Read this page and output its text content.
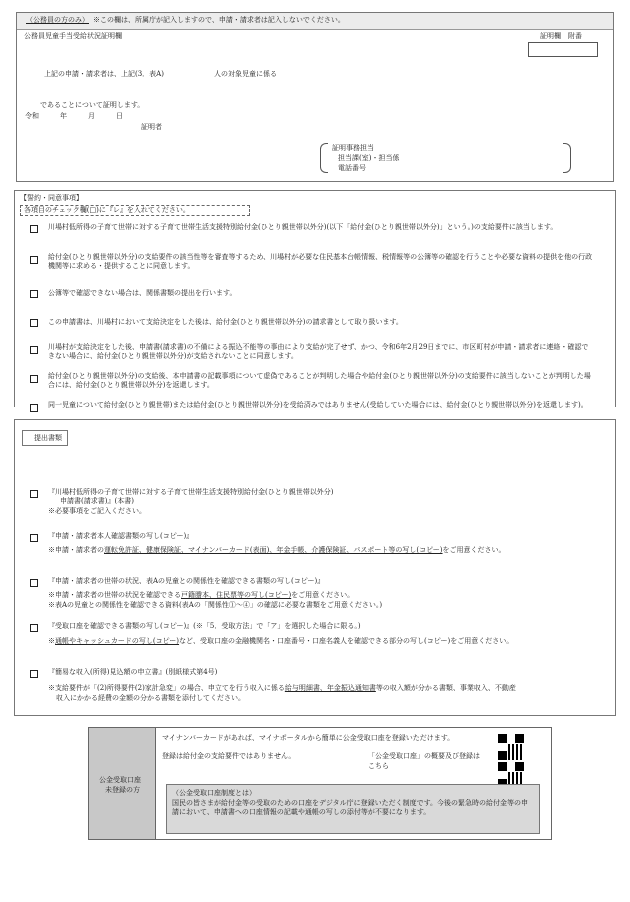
（公務員の方のみ） ※この欄は、所属庁が記入しますので、申請・請求者は記入しないでください。
公務員児童手当受給状況証明欄	証明欄　附番
上記の申請・請求者は、上記(3．表A)	人の対象児童に係る
であることについて証明します。
令和　　　年　　　月　　　日
証明者
証明事務担当
担当課(室)・担当係
電話番号
【誓約・同意事項】
各項目のチェック欄(□)に『レ』を入れてください。
川場村低所得の子育て世帯に対する子育て世帯生活支援特別給付金(ひとり親世帯以外分)(以下「給付金(ひとり親世帯以外分)」という。)の支給要件に該当します。
給付金(ひとり親世帯以外分)の支給要件の該当性等を審査等するため、川場村が必要な住民基本台帳情報、税情報等の公簿等の確認を行うことや必要な資料の提供を他の行政機関等に求める・提供することに同意します。
公簿等で確認できない場合は、関係書類の提出を行います。
この申請書は、川場村において支給決定をした後は、給付金(ひとり親世帯以外分)の請求書として取り扱います。
川場村が支給決定をした後、申請書(請求書)の不備による振込不能等の事由により支給が完了せず、かつ、令和6年2月29日までに、市区町村が申請・請求者に連絡・確認できない場合に、給付金(ひとり親世帯以外分)が支給されないことに同意します。
給付金(ひとり親世帯以外分)の支給後、本申請書の記載事項について虚偽であることが判明した場合や給付金(ひとり親世帯以外分)の支給要件に該当しないことが判明した場合には、給付金(ひとり親世帯以外分)を返還します。
同一児童について給付金(ひとり親世帯)または給付金(ひとり親世帯以外分)を受給済みではありません(受給していた場合には、給付金(ひとり親世帯以外分)を返還します)。
提出書類
『川場村低所得の子育て世帯に対する子育て世帯生活支援特別給付金(ひとり親世帯以外分)
申請書(請求書)』(本書)
※必要事項をご記入ください。
『申請・請求者本人確認書類の写し(コピー)』
※申請・請求者の運転免許証、健康保険証、マイナンバーカード(表面)、年金手帳、介護保険証、パスポート等の写し(コピー)をご用意ください。
『申請・請求者の世帯の状況、表Aの児童との関係性を確認できる書類の写し(コピー)』
※申請・請求者の世帯の状況を確認できる戸籍謄本、住民票等の写し(コピー)をご用意ください。
※表Aの児童との関係性を確認できる資料(表Aの「関係性①～④」の確認に必要な書類をご用意ください。)
『受取口座を確認できる書類の写し(コピー)』(※「5．受取方法」で「ア」を選択した場合に限る。)
※通帳やキャッシュカードの写し(コピー)など、受取口座の金融機関名・口座番号・口座名義人を確認できる部分の写し(コピー)をご用意ください。
『簡易な収入(所得)見込額の申立書』(別紙様式第4号)
※支給要件が「(2)所得要件(2)家計急変」の場合、申立てを行う収入に係る給与明細書、年金振込通知書等の収入額が分かる書類、事業収入、不動産
収入にかかる経費の金額の分かる書類を添付してください。
公金受取口座
未登録の方
マイナンバーカードがあれば、マイナポータルから簡単に公金受取口座を登録いただけます。
登録は給付金の支給要件ではありません。	「公金受取口座」の概要及び登録は
こちら
（公金受取口座制度とは）
国民の皆さまが給付金等の受取のための口座をデジタル庁に登録いただく制度です。今後の緊急時の給付金等の申請において、申請書への口座情報の記載や通帳の写しの添付等が不要になります。
